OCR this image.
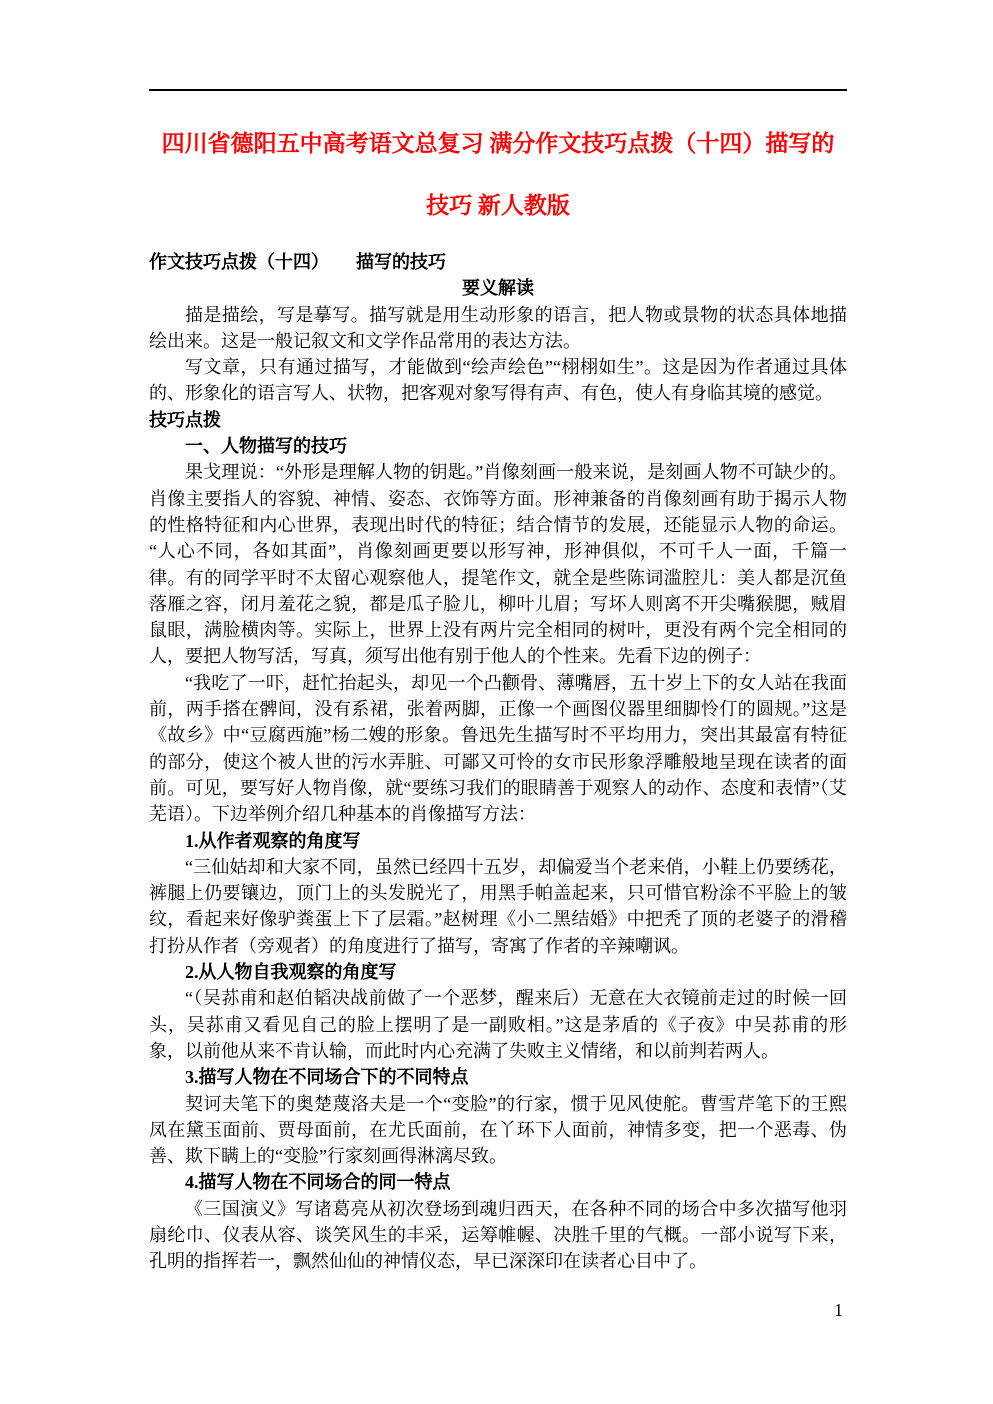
四川省德阳五中高考语文总复习 满分作文技巧点拨（十四）描写的
技巧 新人教版
作文技巧点拨（十四）　　描写的技巧
要义解读
描是描绘，写是摹写。描写就是用生动形象的语言，把人物或景物的状态具体地描绘出来。这是一般记叙文和文学作品常用的表达方法。
写文章，只有通过描写，才能做到“绘声绘色”“栩栩如生”。这是因为作者通过具体的、形象化的语言写人、状物，把客观对象写得有声、有色，使人有身临其境的感觉。
技巧点拨
一、人物描写的技巧
果戈理说：“外形是理解人物的钥匙。”肖像刻画一般来说，是刻画人物不可缺少的。肖像主要指人的容貌、神情、姿态、衣饰等方面。形神兼备的肖像刻画有助于揭示人物的性格特征和内心世界，表现出时代的特征；结合情节的发展，还能显示人物的命运。“人心不同，各如其面”，肖像刻画更要以形写神，形神俱似，不可千人一面，千篇一律。有的同学平时不太留心观察他人，提笔作文，就全是些陈词滥腔儿：美人都是沉鱼落雁之容，闭月羞花之貌，都是瓜子脸儿，柳叶儿眉；写坏人则离不开尖嘴猴腮，贼眉鼠眼，满脸横肉等。实际上，世界上没有两片完全相同的树叶，更没有两个完全相同的人，要把人物写活，写真，须写出他有别于他人的个性来。先看下边的例子：
“我吃了一吓，赶忙抬起头，却见一个凸颧骨、薄嘴唇，五十岁上下的女人站在我面前，两手搭在髀间，没有系裙，张着两脚，正像一个画图仪器里细脚怜仃的圆规。”这是《故乡》中“豆腐西施”杨二嫂的形象。鲁迅先生描写时不平均用力，突出其最富有特征的部分，使这个被人世的污水弄脏、可鄙又可怜的女市民形象浮雕般地呈现在读者的面前。可见，要写好人物肖像，就“要练习我们的眼睛善于观察人的动作、态度和表情”（艾芜语）。下边举例介绍几种基本的肖像描写方法：
1.从作者观察的角度写
“三仙姑却和大家不同，虽然已经四十五岁，却偏爱当个老来俏，小鞋上仍要绣花，裤腿上仍要镶边，顶门上的头发脱光了，用黑手帕盖起来，只可惜官粉涂不平脸上的皱纹，看起来好像驴粪蛋上下了层霜。”赵树理《小二黑结婚》中把秃了顶的老婆子的滑稽打扮从作者（旁观者）的角度进行了描写，寄寓了作者的辛辣嘲讽。
2.从人物自我观察的角度写
“（吴荪甫和赵伯韬决战前做了一个恶梦，醒来后）无意在大衣镜前走过的时候一回头，吴荪甫又看见自己的脸上摆明了是一副败相。”这是茅盾的《子夜》中吴荪甫的形象，以前他从来不肯认输，而此时内心充满了失败主义情绪，和以前判若两人。
3.描写人物在不同场合下的不同特点
契诃夫笔下的奥楚蔑洛夫是一个“变脸”的行家，惯于见风使舵。曹雪芹笔下的王熙凤在黛玉面前、贾母面前，在尤氏面前，在丫环下人面前，神情多变，把一个恶毒、伪善、欺下瞒上的“变脸”行家刻画得淋漓尽致。
4.描写人物在不同场合的同一特点
《三国演义》写诸葛亮从初次登场到魂归西天，在各种不同的场合中多次描写他羽扇纶巾、仪表从容、谈笑风生的丰采，运筹帷幄、决胜千里的气概。一部小说写下来，孔明的指挥若一，飘然仙仙的神情仪态，早已深深印在读者心目中了。
1
